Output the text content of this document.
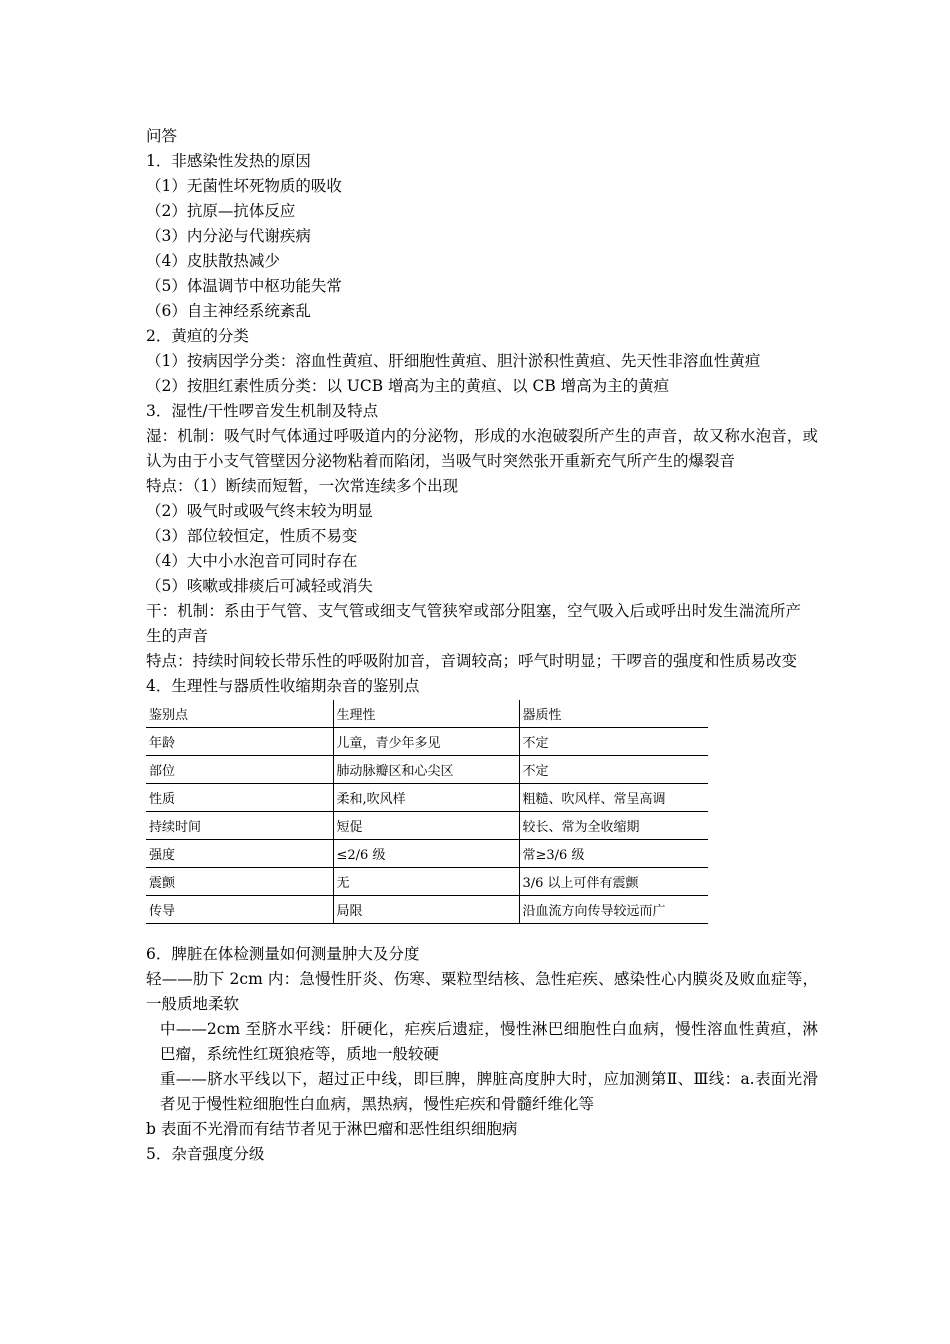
问答
1．非感染性发热的原因
（1）无菌性坏死物质的吸收
（2）抗原—抗体反应
（3）内分泌与代谢疾病
（4）皮肤散热减少
（5）体温调节中枢功能失常
（6）自主神经系统紊乱
2．黄疸的分类
（1）按病因学分类：溶血性黄疸、肝细胞性黄疸、胆汁淤积性黄疸、先天性非溶血性黄疸
（2）按胆红素性质分类：以 UCB 增高为主的黄疸、以 CB 增高为主的黄疸
3．湿性/干性啰音发生机制及特点
湿：机制：吸气时气体通过呼吸道内的分泌物，形成的水泡破裂所产生的声音，故又称水泡音，或认为由于小支气管壁因分泌物粘着而陷闭，当吸气时突然张开重新充气所产生的爆裂音
特点：（1）断续而短暂，一次常连续多个出现
（2）吸气时或吸气终末较为明显
（3）部位较恒定，性质不易变
（4）大中小水泡音可同时存在
（5）咳嗽或排痰后可减轻或消失
干：机制：系由于气管、支气管或细支气管狭窄或部分阻塞，空气吸入后或呼出时发生湍流所产生的声音
特点：持续时间较长带乐性的呼吸附加音，音调较高；呼气时明显；干啰音的强度和性质易改变
4．生理性与器质性收缩期杂音的鉴别点
鉴别点	生理性	器质性
年龄	儿童，青少年多见	不定
部位	肺动脉瓣区和心尖区	不定
性质	柔和,吹风样	粗糙、吹风样、常呈高调
持续时间	短促	较长、常为全收缩期
强度	≤2/6 级	常≥3/6 级
震颤	无	3/6 以上可伴有震颤
传导	局限	沿血流方向传导较远而广
6．脾脏在体检测量如何测量肿大及分度
轻——肋下 2cm 内：急慢性肝炎、伤寒、粟粒型结核、急性疟疾、感染性心内膜炎及败血症等，一般质地柔软
中——2cm 至脐水平线：肝硬化，疟疾后遗症，慢性淋巴细胞性白血病，慢性溶血性黄疸，淋巴瘤，系统性红斑狼疮等，质地一般较硬
重——脐水平线以下，超过正中线，即巨脾，脾脏高度肿大时，应加测第Ⅱ、Ⅲ线：a.表面光滑者见于慢性粒细胞性白血病，黑热病，慢性疟疾和骨髓纤维化等
b 表面不光滑而有结节者见于淋巴瘤和恶性组织细胞病
5．杂音强度分级
